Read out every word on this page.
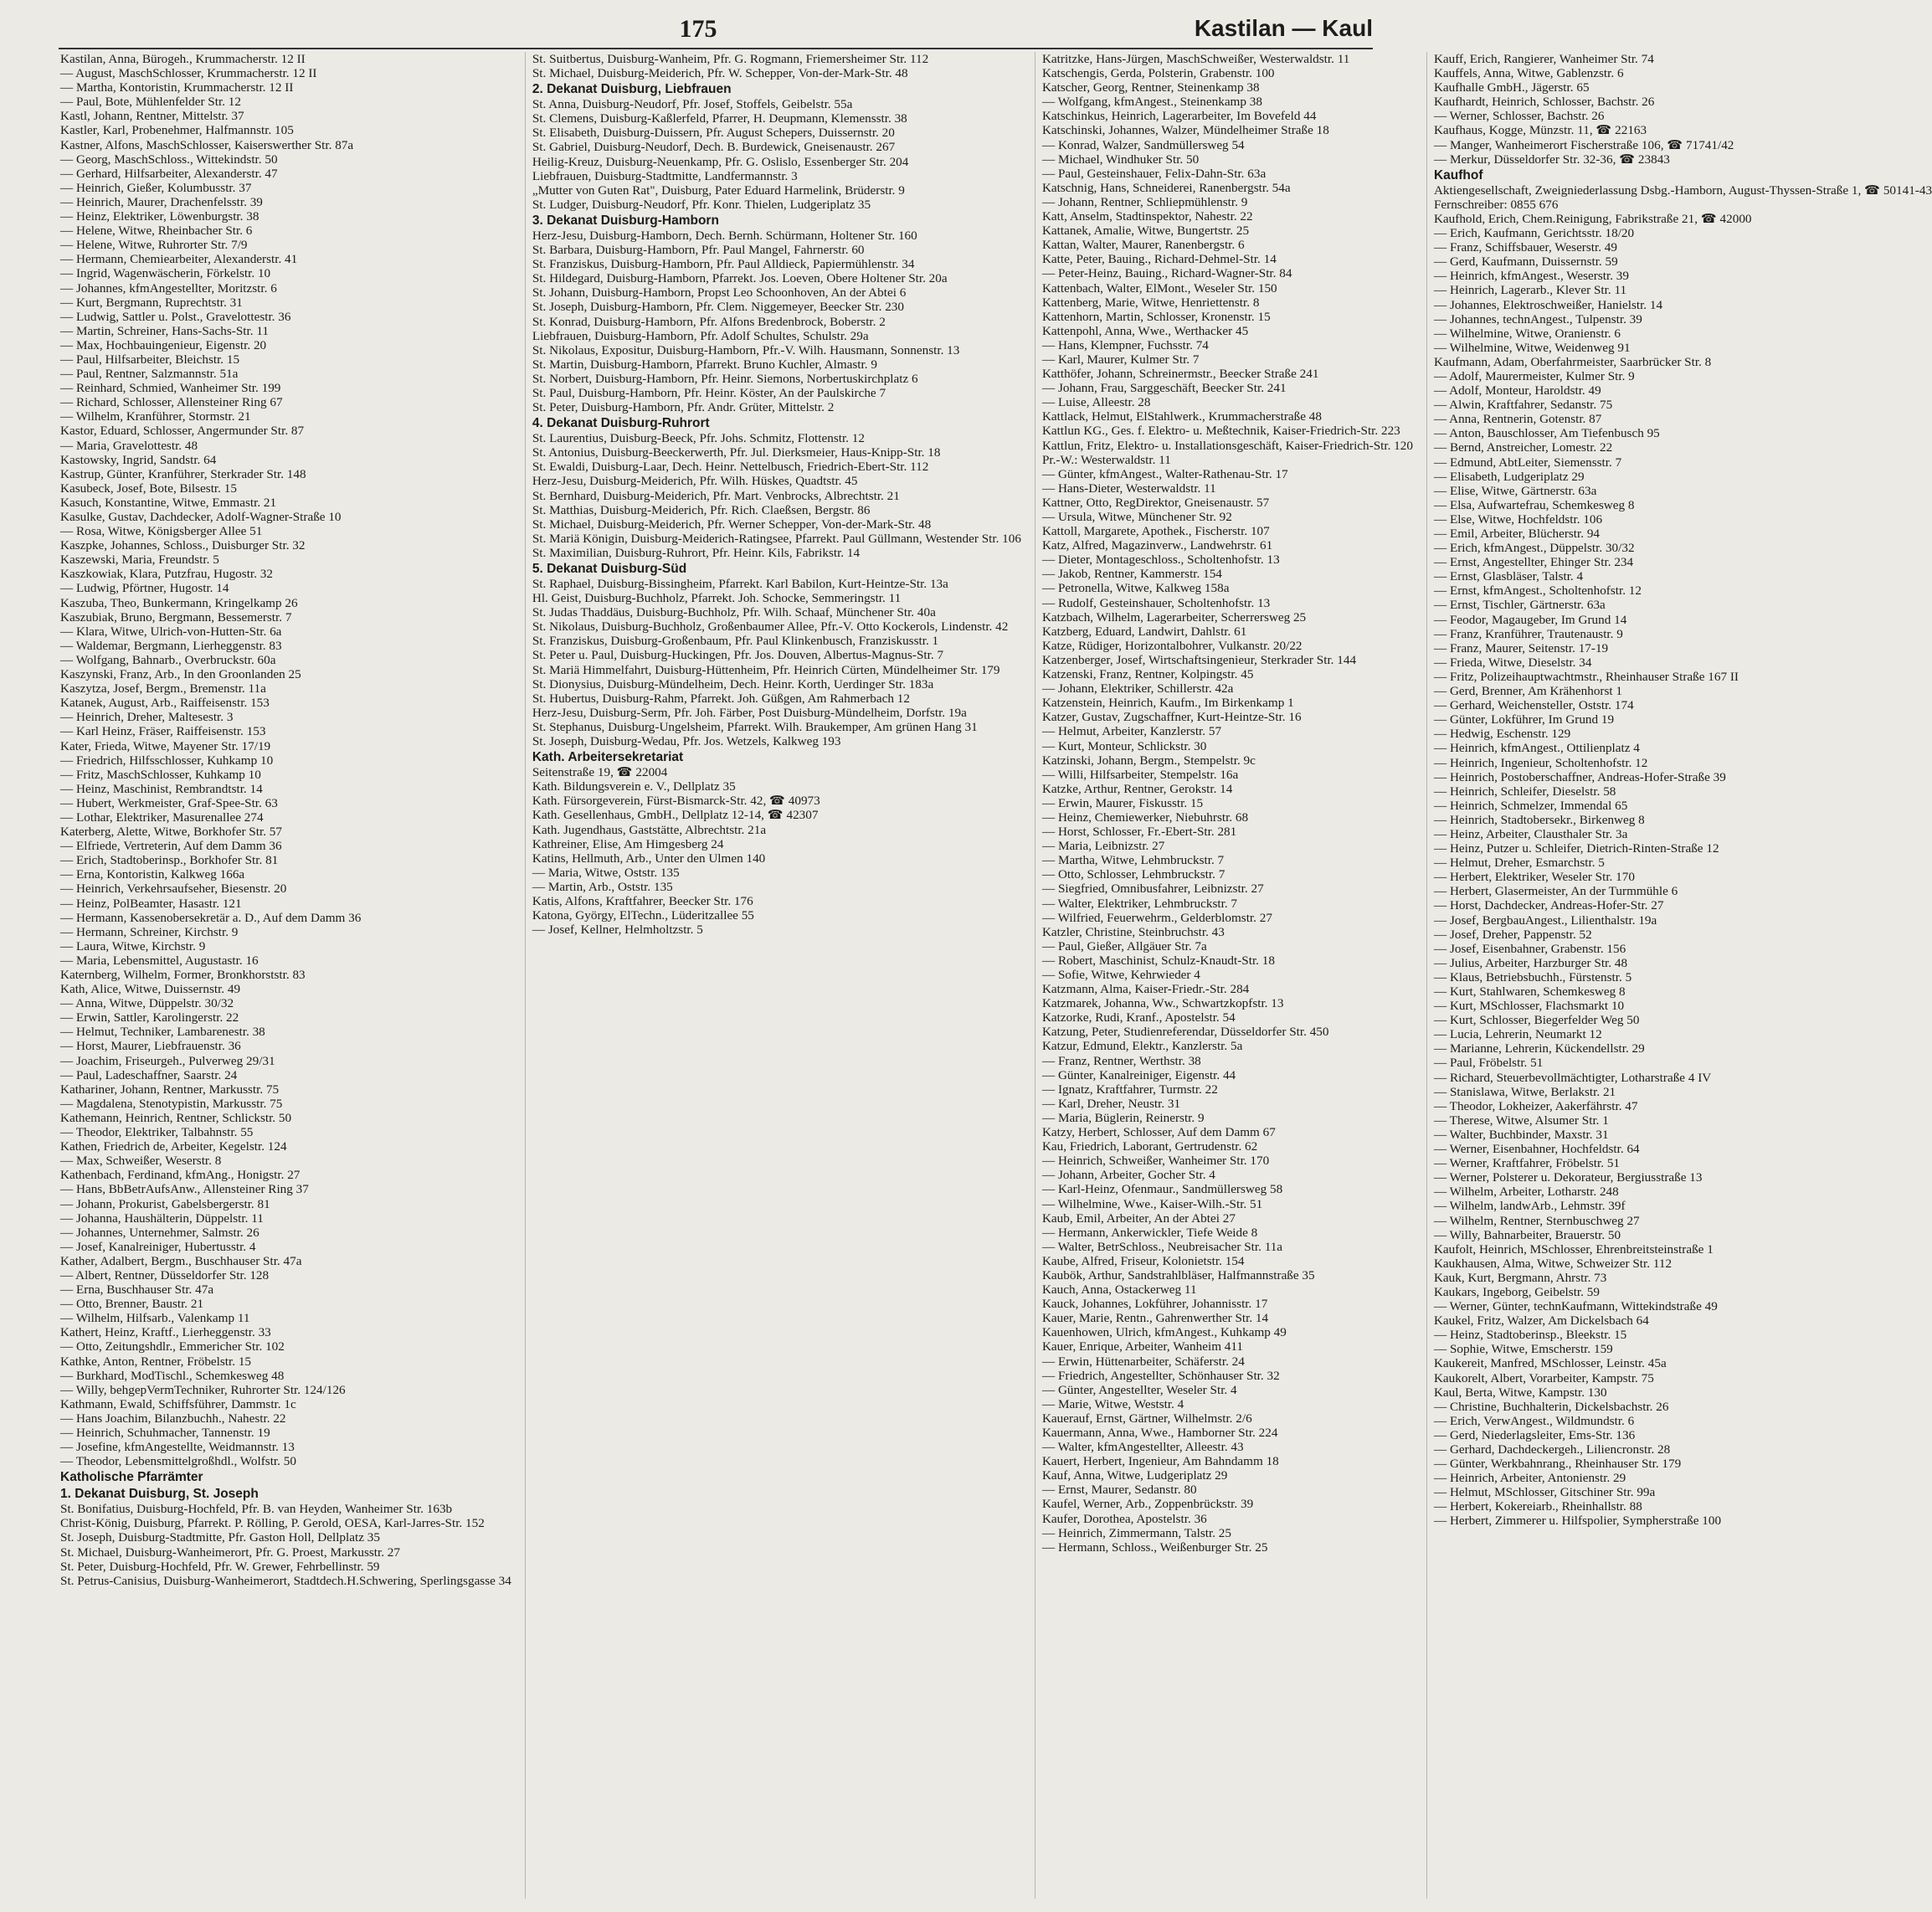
175	Kastilan — Kaul
Kastilan, Anna, Bürogeh., Krummacherstr. 12 II
— August, MaschSchlosser, Krummacherstr. 12 II
— Martha, Kontoristin, Krummacherstr. 12 II
— Paul, Bote, Mühlenfelder Str. 12
Kastl, Johann, Rentner, Mittelstr. 37
Kastler, Karl, Probenehmer, Halfmannstr. 105
Kastner, Alfons, MaschSchlosser, Kaiserswerther Str. 87a
— Georg, MaschSchloss., Wittekindstr. 50
— Gerhard, Hilfsarbeiter, Alexanderstr. 47
— Heinrich, Gießer, Kolumbusstr. 37
— Heinrich, Maurer, Drachenfelsstr. 39
— Heinz, Elektriker, Löwenburgstr. 38
— Helene, Witwe, Rheinbacher Str. 6
— Helene, Witwe, Ruhrorter Str. 7/9
— Hermann, Chemiearbeiter, Alexanderstr. 41
— Ingrid, Wagenwäscherin, Förkelstr. 10
— Johannes, kfmAngestellter, Moritzstr. 6
— Kurt, Bergmann, Ruprechtstr. 31
— Ludwig, Sattler u. Polst., Gravelottestr. 36
— Martin, Schreiner, Hans-Sachs-Str. 11
— Max, Hochbauingenieur, Eigenstr. 20
— Paul, Hilfsarbeiter, Bleichstr. 15
— Paul, Rentner, Salzmannstr. 51a
— Reinhard, Schmied, Wanheimer Str. 199
— Richard, Schlosser, Allensteiner Ring 67
— Wilhelm, Kranführer, Stormstr. 21
Kastor, Eduard, Schlosser, Angermunder Str. 87
— Maria, Gravelottestr. 48
Kastowsky, Ingrid, Sandstr. 64
Kastrup, Günter, Kranführer, Sterkrader Str. 148
Kasubeck, Josef, Bote, Bilsestr. 15
Kasuch, Konstantine, Witwe, Emmastr. 21
Kasulke, Gustav, Dachdecker, Adolf-Wagner-Straße 10
— Rosa, Witwe, Königsberger Allee 51
Kaszpke, Johannes, Schloss., Duisburger Str. 32
Kaszewski, Maria, Freundstr. 5
Kaszkowiak, Klara, Putzfrau, Hugostr. 32
— Ludwig, Pförtner, Hugostr. 14
Kaszuba, Theo, Bunkermann, Kringelkamp 26
Kaszubiak, Bruno, Bergmann, Bessemerstr. 7
— Klara, Witwe, Ulrich-von-Hutten-Str. 6a
— Waldemar, Bergmann, Lierheggenstr. 83
— Wolfgang, Bahnarb., Overbruckstr. 60a
Kaszynski, Franz, Arb., In den Groonlanden 25
Kaszytza, Josef, Bergm., Bremenstr. 11a
Katanek, August, Arb., Raiffeisenstr. 153
— Heinrich, Dreher, Maltesestr. 3
— Karl Heinz, Fräser, Raiffeisenstr. 153
Kater, Frieda, Witwe, Mayener Str. 17/19
— Friedrich, Hilfsschlosser, Kuhkamp 10
— Fritz, MaschSchlosser, Kuhkamp 10
— Heinz, Maschinist, Rembrandtstr. 14
— Hubert, Werkmeister, Graf-Spee-Str. 63
— Lothar, Elektriker, Masurenallee 274
Katerberg, Alette, Witwe, Borkhofer Str. 57
— Elfriede, Vertreterin, Auf dem Damm 36
— Erich, Stadtoberinsp., Borkhofer Str. 81
— Erna, Kontoristin, Kalkweg 166a
— Heinrich, Verkehrsaufseher, Biesenstr. 20
— Heinz, PolBeamter, Hasastr. 121
— Hermann, Kassenobersekretär a. D., Auf dem Damm 36
— Hermann, Schreiner, Kirchstr. 9
— Laura, Witwe, Kirchstr. 9
— Maria, Lebensmittel, Augustastr. 16
Katernberg, Wilhelm, Former, Bronkhorststr. 83
Kath, Alice, Witwe, Duissernstr. 49
— Anna, Witwe, Düppelstr. 30/32
— Erwin, Sattler, Karolingerstr. 22
— Helmut, Techniker, Lambarenestr. 38
— Horst, Maurer, Liebfrauenstr. 36
— Joachim, Friseurgeh., Pulverweg 29/31
— Paul, Ladeschaffner, Saarstr. 24
Kathariner, Johann, Rentner, Markusstr. 75
— Magdalena, Stenotypistin, Markusstr. 75
Kathemann, Heinrich, Rentner, Schlickstr. 50
— Theodor, Elektriker, Talbahnstr. 55
Kathen, Friedrich de, Arbeiter, Kegelstr. 124
— Max, Schweißer, Weserstr. 8
Kathenbach, Ferdinand, kfmAng., Honigstr. 27
— Hans, BbBetrAufsAnw., Allensteiner Ring 37
— Johann, Prokurist, Gabelsbergerstr. 81
— Johanna, Haushälterin, Düppelstr. 11
— Johannes, Unternehmer, Salmstr. 26
— Josef, Kanalreiniger, Hubertusstr. 4
Kather, Adalbert, Bergm., Buschhauser Str. 47a
— Albert, Rentner, Düsseldorfer Str. 128
— Erna, Buschhauser Str. 47a
— Otto, Brenner, Baustr. 21
— Wilhelm, Hilfsarb., Valenkamp 11
Kathert, Heinz, Kraftf., Lierheggenstr. 33
— Otto, Zeitungshdlr., Emmericher Str. 102
Kathke, Anton, Rentner, Fröbelstr. 15
— Burkhard, ModTischl., Schemkesweg 48
— Willy, behgepVermTechniker, Ruhrorter Str. 124/126
Kathmann, Ewald, Schiffsführer, Dammstr. 1c
— Hans Joachim, Bilanzbuchh., Nahestr. 22
— Heinrich, Schuhmacher, Tannenstr. 19
— Josefine, kfmAngestellte, Weidmannstr. 13
— Theodor, Lebensmittelgroßhdl., Wolfstr. 50
Katholische Pfarrämter
1. Dekanat Duisburg, St. Joseph
St. Bonifatius, Duisburg-Hochfeld, Pfr. B. van Heyden, Wanheimer Str. 163b
Christ-König, Duisburg, Pfarrekt. P. Rölling, P. Gerold, OESA, Karl-Jarres-Str. 152
St. Joseph, Duisburg-Stadtmitte, Pfr. Gaston Holl, Dellplatz 35
St. Michael, Duisburg-Wanheimerort, Pfr. G. Proest, Markusstr. 27
St. Peter, Duisburg-Hochfeld, Pfr. W. Grewer, Fehrbellinstr. 59
St. Petrus-Canisius, Duisburg-Wanheimerort, Stadtdech.H.Schwering, Sperlingsgasse 34
St. Suitbertus, Duisburg-Wanheim, Pfr. G. Rogmann, Friemersheimer Str. 112
St. Michael, Duisburg-Meiderich, Pfr. W. Schepper, Von-der-Mark-Str. 48
2. Dekanat Duisburg, Liebfrauen
St. Anna, Duisburg-Neudorf, Pfr. Josef, Stoffels, Geibelstr. 55a
St. Clemens, Duisburg-Kaßlerfeld, Pfarrer, H. Deupmann, Klemensstr. 38
St. Elisabeth, Duisburg-Duissern, Pfr. August Schepers, Duissernstr. 20
St. Gabriel, Duisburg-Neudorf, Dech. B. Burdewick, Gneisenaustr. 267
Heilig-Kreuz, Duisburg-Neuenkamp, Pfr. G. Oslislo, Essenberger Str. 204
Liebfrauen, Duisburg-Stadtmitte, Landfermannstr. 3
„Mutter von Guten Rat", Duisburg, Pater Eduard Harmelink, Brüderstr. 9
St. Ludger, Duisburg-Neudorf, Pfr. Konr. Thielen, Ludgeriplatz 35
3. Dekanat Duisburg-Hamborn
Herz-Jesu, Duisburg-Hamborn, Dech. Bernh. Schürmann, Holtener Str. 160
St. Barbara, Duisburg-Hamborn, Pfr. Paul Mangel, Fahrnerstr. 60
St. Franziskus, Duisburg-Hamborn, Pfr. Paul Alldieck, Papiermühlenstr. 34
St. Hildegard, Duisburg-Hamborn, Pfarrekt. Jos. Loeven, Obere Holtener Str. 20a
St. Johann, Duisburg-Hamborn, Propst Leo Schoonhoven, An der Abtei 6
St. Joseph, Duisburg-Hamborn, Pfr. Clem. Niggemeyer, Beecker Str. 230
St. Konrad, Duisburg-Hamborn, Pfr. Alfons Bredenbrock, Boberstr. 2
Liebfrauen, Duisburg-Hamborn, Pfr. Adolf Schultes, Schulstr. 29a
St. Nikolaus, Expositur, Duisburg-Hamborn, Pfr.-V. Wilh. Hausmann, Sonnenstr. 13
St. Martin, Duisburg-Hamborn, Pfarrekt. Bruno Kuchler, Almastr. 9
St. Norbert, Duisburg-Hamborn, Pfr. Heinr. Siemons, Norbertuskirchplatz 6
St. Paul, Duisburg-Hamborn, Pfr. Heinr. Köster, An der Paulskirche 7
St. Peter, Duisburg-Hamborn, Pfr. Andr. Grüter, Mittelstr. 2
4. Dekanat Duisburg-Ruhrort
St. Laurentius, Duisburg-Beeck, Pfr. Johs. Schmitz, Flottenstr. 12
St. Antonius, Duisburg-Beeckerwerth, Pfr. Jul. Dierksmeier, Haus-Knipp-Str. 18
St. Ewaldi, Duisburg-Laar, Dech. Heinr. Nettelbusch, Friedrich-Ebert-Str. 112
Herz-Jesu, Duisburg-Meiderich, Pfr. Wilh. Hüskes, Quadtstr. 45
St. Bernhard, Duisburg-Meiderich, Pfr. Mart. Venbrocks, Albrechtstr. 21
St. Matthias, Duisburg-Meiderich, Pfr. Rich. Claeßsen, Bergstr. 86
St. Michael, Duisburg-Meiderich, Pfr. Werner Schepper, Von-der-Mark-Str. 48
St. Mariä Königin, Duisburg-Meiderich-Ratingsee, Pfarrekt. Paul Güllmann, Westender Str. 106
St. Maximilian, Duisburg-Ruhrort, Pfr. Heinr. Kils, Fabrikstr. 14
5. Dekanat Duisburg-Süd
St. Raphael, Duisburg-Bissingheim, Pfarrekt. Karl Babilon, Kurt-Heintze-Str. 13a
Hl. Geist, Duisburg-Buchholz, Pfarrekt. Joh. Schocke, Semmeringstr. 11
St. Judas Thaddäus, Duisburg-Buchholz, Pfr. Wilh. Schaaf, Münchener Str. 40a
St. Nikolaus, Duisburg-Buchholz, Großenbaumer Allee, Pfr.-V. Otto Kockerols, Lindenstr. 42
St. Franziskus, Duisburg-Großenbaum, Pfr. Paul Klinkenbusch, Franziskusstr. 1
St. Peter u. Paul, Duisburg-Huckingen, Pfr. Jos. Douven, Albertus-Magnus-Str. 7
St. Mariä Himmelfahrt, Duisburg-Hüttenheim, Pfr. Heinrich Cürten, Mündelheimer Str. 179
St. Dionysius, Duisburg-Mündelheim, Dech. Heinr. Korth, Uerdinger Str. 183a
St. Hubertus, Duisburg-Rahm, Pfarrekt. Joh. Güßgen, Am Rahmerbach 12
Herz-Jesu, Duisburg-Serm, Pfr. Joh. Färber, Post Duisburg-Mündelheim, Dorfstr. 19a
St. Stephanus, Duisburg-Ungelsheim, Pfarrekt. Wilh. Braukemper, Am grünen Hang 31
St. Joseph, Duisburg-Wedau, Pfr. Jos. Wetzels, Kalkweg 193
Kath. Arbeitersekretariat
Seitenstraße 19, ☎ 22004
Kath. Bildungsverein e. V., Dellplatz 35
Kath. Fürsorgeverein, Fürst-Bismarck-Str. 42, ☎ 40973
Kath. Gesellenhaus, GmbH., Dellplatz 12-14, ☎ 42307
Kath. Jugendhaus, Gaststätte, Albrechtstr. 21a
Kathreiner, Elise, Am Himgesberg 24
Katins, Hellmuth, Arb., Unter den Ulmen 140
— Maria, Witwe, Oststr. 135
— Martin, Arb., Oststr. 135
Katis, Alfons, Kraftfahrer, Beecker Str. 176
Katona, György, ElTechn., Lüderitzallee 55
— Josef, Kellner, Helmholtzstr. 5
Katritzke, Hans-Jürgen, MaschSchweißer, Westerwaldstr. 11
Katschengis, Gerda, Polsterin, Grabenstr. 100
Katscher, Georg, Rentner, Steinenkamp 38
— Wolfgang, kfmAngest., Steinenkamp 38
Katschinkus, Heinrich, Lagerarbeiter, Im Bovefeld 44
Katschinski, Johannes, Walzer, Mündelheimer Straße 18
— Konrad, Walzer, Sandmüllersweg 54
— Michael, Windhuker Str. 50
— Paul, Gesteinshauer, Felix-Dahn-Str. 63a
Katschnig, Hans, Schneiderei, Ranenbergstr. 54a
— Johann, Rentner, Schliepmühlenstr. 9
Katt, Anselm, Stadtinspektor, Nahestr. 22
Kattanek, Amalie, Witwe, Bungertstr. 25
Kattan, Walter, Maurer, Ranenbergstr. 6
Katte, Peter, Bauing., Richard-Dehmel-Str. 14
— Peter-Heinz, Bauing., Richard-Wagner-Str. 84
Kattenbach, Walter, ElMont., Weseler Str. 150
Kattenberg, Marie, Witwe, Henriettenstr. 8
Kattenhorn, Martin, Schlosser, Kronenstr. 15
Kattenpohl, Anna, Wwe., Werthacker 45
— Hans, Klempner, Fuchsstr. 74
— Karl, Maurer, Kulmer Str. 7
Katthöfer, Johann, Schreinermstr., Beecker Straße 241
— Johann, Frau, Sarggeschäft, Beecker Str. 241
— Luise, Alleestr. 28
Kattlack, Helmut, ElStahlwerk., Krummacherstraße 48
Kattlun KG., Ges. f. Elektro- u. Meßtechnik, Kaiser-Friedrich-Str. 223
Kattlun, Fritz, Elektro- u. Installationsgeschäft, Kaiser-Friedrich-Str. 120
Pr.-W.: Westerwaldstr. 11
— Günter, kfmAngest., Walter-Rathenau-Str. 17
— Hans-Dieter, Westerwaldstr. 11
Kattner, Otto, RegDirektor, Gneisenaustr. 57
— Ursula, Witwe, Münchener Str. 92
Kattoll, Margarete, Apothek., Fischerstr. 107
Katz, Alfred, Magazinverw., Landwehrstr. 61
— Dieter, Montageschloss., Scholtenhofstr. 13
— Jakob, Rentner, Kammerstr. 154
— Petronella, Witwe, Kalkweg 158a
— Rudolf, Gesteinshauer, Scholtenhofstr. 13
Katzbach, Wilhelm, Lagerarbeiter, Scherrersweg 25
Katzberg, Eduard, Landwirt, Dahlstr. 61
Katze, Rüdiger, Horizontalbohrer, Vulkanstr. 20/22
Katzenberger, Josef, Wirtschaftsingenieur, Sterkrader Str. 144
Katzenski, Franz, Rentner, Kolpingstr. 45
— Johann, Elektriker, Schillerstr. 42a
Katzenstein, Heinrich, Kaufm., Im Birkenkamp 1
Katzer, Gustav, Zugschaffner, Kurt-Heintze-Str. 16
— Helmut, Arbeiter, Kanzlerstr. 57
— Kurt, Monteur, Schlickstr. 30
Katzinski, Johann, Bergm., Stempelstr. 9c
— Willi, Hilfsarbeiter, Stempelstr. 16a
Katzke, Arthur, Rentner, Gerokstr. 14
— Erwin, Maurer, Fiskusstr. 15
— Heinz, Chemiewerker, Niebuhrstr. 68
— Horst, Schlosser, Fr.-Ebert-Str. 281
— Maria, Leibnizstr. 27
— Martha, Witwe, Lehmbruckstr. 7
— Otto, Schlosser, Lehmbruckstr. 7
— Siegfried, Omnibusfahrer, Leibnizstr. 27
— Walter, Elektriker, Lehmbruckstr. 7
— Wilfried, Feuerwehrm., Gelderblomstr. 27
Katzler, Christine, Steinbruchstr. 43
— Paul, Gießer, Allgäuer Str. 7a
— Robert, Maschinist, Schulz-Knaudt-Str. 18
— Sofie, Witwe, Kehrwieder 4
Katzmann, Alma, Kaiser-Friedr.-Str. 284
Katzmarek, Johanna, Ww., Schwartzkopfstr. 13
Katzorke, Rudi, Kranf., Apostelstr. 54
Katzung, Peter, Studienreferendar, Düsseldorfer Str. 450
Katzur, Edmund, Elektr., Kanzlerstr. 5a
— Franz, Rentner, Werthstr. 38
— Günter, Kanalreiniger, Eigenstr. 44
— Ignatz, Kraftfahrer, Turmstr. 22
— Karl, Dreher, Neustr. 31
— Maria, Büglerin, Reinerstr. 9
Katzy, Herbert, Schlosser, Auf dem Damm 67
Kau, Friedrich, Laborant, Gertrudenstr. 62
— Heinrich, Schweißer, Wanheimer Str. 170
— Johann, Arbeiter, Gocher Str. 4
— Karl-Heinz, Ofenmaur., Sandmüllersweg 58
— Wilhelmine, Wwe., Kaiser-Wilh.-Str. 51
Kaub, Emil, Arbeiter, An der Abtei 27
— Hermann, Ankerwickler, Tiefe Weide 8
— Walter, BetrSchloss., Neubreisacher Str. 11a
Kaube, Alfred, Friseur, Kolonietstr. 154
Kaubök, Arthur, Sandstrahlbläser, Halfmannstraße 35
Kauch, Anna, Ostackerweg 11
Kauck, Johannes, Lokführer, Johannisstr. 17
Kauer, Marie, Rentn., Gahrenwerther Str. 14
Kauenhowen, Ulrich, kfmAngest., Kuhkamp 49
Kauer, Enrique, Arbeiter, Wanheim 411
— Erwin, Hüttenarbeiter, Schäferstr. 24
— Friedrich, Angestellter, Schönhauser Str. 32
— Günter, Angestellter, Weseler Str. 4
— Marie, Witwe, Weststr. 4
Kauerauf, Ernst, Gärtner, Wilhelmstr. 2/6
Kauermann, Anna, Wwe., Hamborner Str. 224
— Walter, kfmAngestellter, Alleestr. 43
Kauert, Herbert, Ingenieur, Am Bahndamm 18
Kauf, Anna, Witwe, Ludgeriplatz 29
— Ernst, Maurer, Sedanstr. 80
Kaufel, Werner, Arb., Zoppenbrückstr. 39
Kaufer, Dorothea, Apostelstr. 36
— Heinrich, Zimmermann, Talstr. 25
— Hermann, Schloss., Weißenburger Str. 25
Kauff, Erich, Rangierer, Wanheimer Str. 74
Kauffels, Anna, Witwe, Gablenzstr. 6
Kaufhalle GmbH., Jägerstr. 65
Kaufhardt, Heinrich, Schlosser, Bachstr. 26
— Werner, Schlosser, Bachstr. 26
Kaufhaus, Kogge, Münzstr. 11, ☎ 22163
— Manger, Wanheimerort Fischerstraße 106, ☎ 71741/42
— Merkur, Düsseldorfer Str. 32-36, ☎ 23843
Kaufhof
Aktiengesellschaft, Zweigniederlassung Dsbg.-Hamborn, August-Thyssen-Straße 1, ☎ 50141-43
Fernschreiber: 0855 676
Kaufhold, Erich, Chem.Reinigung, Fabrikstraße 21, ☎ 42000
— Erich, Kaufmann, Gerichtsstr. 18/20
— Franz, Schiffsbauer, Weserstr. 49
— Gerd, Kaufmann, Duissernstr. 59
— Heinrich, kfmAngest., Weserstr. 39
— Heinrich, Lagerarb., Klever Str. 11
— Johannes, Elektroschweißer, Hanielstr. 14
— Johannes, technAngest., Tulpenstr. 39
— Wilhelmine, Witwe, Oranienstr. 6
— Wilhelmine, Witwe, Weidenweg 91
Kaufmann, Adam, Oberfahrmeister, Saarbrücker Str. 8
— Adolf, Maurermeister, Kulmer Str. 9
— Adolf, Monteur, Haroldstr. 49
— Alwin, Kraftfahrer, Sedanstr. 75
— Anna, Rentnerin, Gotenstr. 87
— Anton, Bauschlosser, Am Tiefenbusch 95
— Bernd, Anstreicher, Lomestr. 22
— Edmund, AbtLeiter, Siemensstr. 7
— Elisabeth, Ludgeriplatz 29
— Elise, Witwe, Gärtnerstr. 63a
— Elsa, Aufwartefrau, Schemkesweg 8
— Else, Witwe, Hochfeldstr. 106
— Emil, Arbeiter, Blücherstr. 94
— Erich, kfmAngest., Düppelstr. 30/32
— Ernst, Angestellter, Ehinger Str. 234
— Ernst, Glasbläser, Talstr. 4
— Ernst, kfmAngest., Scholtenhofstr. 12
— Ernst, Tischler, Gärtnerstr. 63a
— Feodor, Magaugeber, Im Grund 14
— Franz, Kranführer, Trautenaustr. 9
— Franz, Maurer, Seitenstr. 17-19
— Frieda, Witwe, Dieselstr. 34
— Fritz, Polizeihauptwachtmstr., Rheinhauser Straße 167 II
— Gerd, Brenner, Am Krähenhorst 1
— Gerhard, Weichensteller, Oststr. 174
— Günter, Lokführer, Im Grund 19
— Hedwig, Eschenstr. 129
— Heinrich, kfmAngest., Ottilienplatz 4
— Heinrich, Ingenieur, Scholtenhofstr. 12
— Heinrich, Postoberschaffner, Andreas-Hofer-Straße 39
— Heinrich, Schleifer, Dieselstr. 58
— Heinrich, Schmelzer, Immendal 65
— Heinrich, Stadtobersekr., Birkenweg 8
— Heinz, Arbeiter, Clausthaler Str. 3a
— Heinz, Putzer u. Schleifer, Dietrich-Rinten-Straße 12
— Helmut, Dreher, Esmarchstr. 5
— Herbert, Elektriker, Weseler Str. 170
— Herbert, Glasermeister, An der Turmmühle 6
— Horst, Dachdecker, Andreas-Hofer-Str. 27
— Josef, BergbauAngest., Lilienthalstr. 19a
— Josef, Dreher, Pappenstr. 52
— Josef, Eisenbahner, Grabenstr. 156
— Julius, Arbeiter, Harzburger Str. 48
— Klaus, Betriebsbuchh., Fürstenstr. 5
— Kurt, Stahlwaren, Schemkesweg 8
— Kurt, MSchlosser, Flachsmarkt 10
— Kurt, Schlosser, Biegerfelder Weg 50
— Lucia, Lehrerin, Neumarkt 12
— Marianne, Lehrerin, Kückendellstr. 29
— Paul, Fröbelstr. 51
— Richard, Steuerbevollmächtigter, Lotharstraße 4 IV
— Stanislawa, Witwe, Berlakstr. 21
— Theodor, Lokheizer, Aakerfährstr. 47
— Therese, Witwe, Alsumer Str. 1
— Walter, Buchbinder, Maxstr. 31
— Werner, Eisenbahner, Hochfeldstr. 64
— Werner, Kraftfahrer, Fröbelstr. 51
— Werner, Polsterer u. Dekorateur, Bergiusstraße 13
— Wilhelm, Arbeiter, Lotharstr. 248
— Wilhelm, landwArb., Lehmstr. 39f
— Wilhelm, Rentner, Sternbuschweg 27
— Willy, Bahnarbeiter, Brauerstr. 50
Kaufolt, Heinrich, MSchlosser, Ehrenbreitsteinstraße 1
Kaukhausen, Alma, Witwe, Schweizer Str. 112
Kauk, Kurt, Bergmann, Ahrstr. 73
Kaukars, Ingeborg, Geibelstr. 59
— Werner, Günter, technKaufmann, Wittekindstraße 49
Kaukel, Fritz, Walzer, Am Dickelsbach 64
— Heinz, Stadtoberinsp., Bleekstr. 15
— Sophie, Witwe, Emscherstr. 159
Kaukereit, Manfred, MSchlosser, Leinstr. 45a
Kaukorelt, Albert, Vorarbeiter, Kampstr. 75
Kaul, Berta, Witwe, Kampstr. 130
— Christine, Buchhalterin, Dickelsbachstr. 26
— Erich, VerwAngest., Wildmundstr. 6
— Gerd, Niederlagsleiter, Ems-Str. 136
— Gerhard, Dachdeckergeh., Liliencronstr. 28
— Günter, Werkbahnrang., Rheinhauser Str. 179
— Heinrich, Arbeiter, Antonienstr. 29
— Helmut, MSchlosser, Gitschiner Str. 99a
— Herbert, Kokereiarb., Rheinhallstr. 88
— Herbert, Zimmerer u. Hilfspolier, Sympherstraße 100
